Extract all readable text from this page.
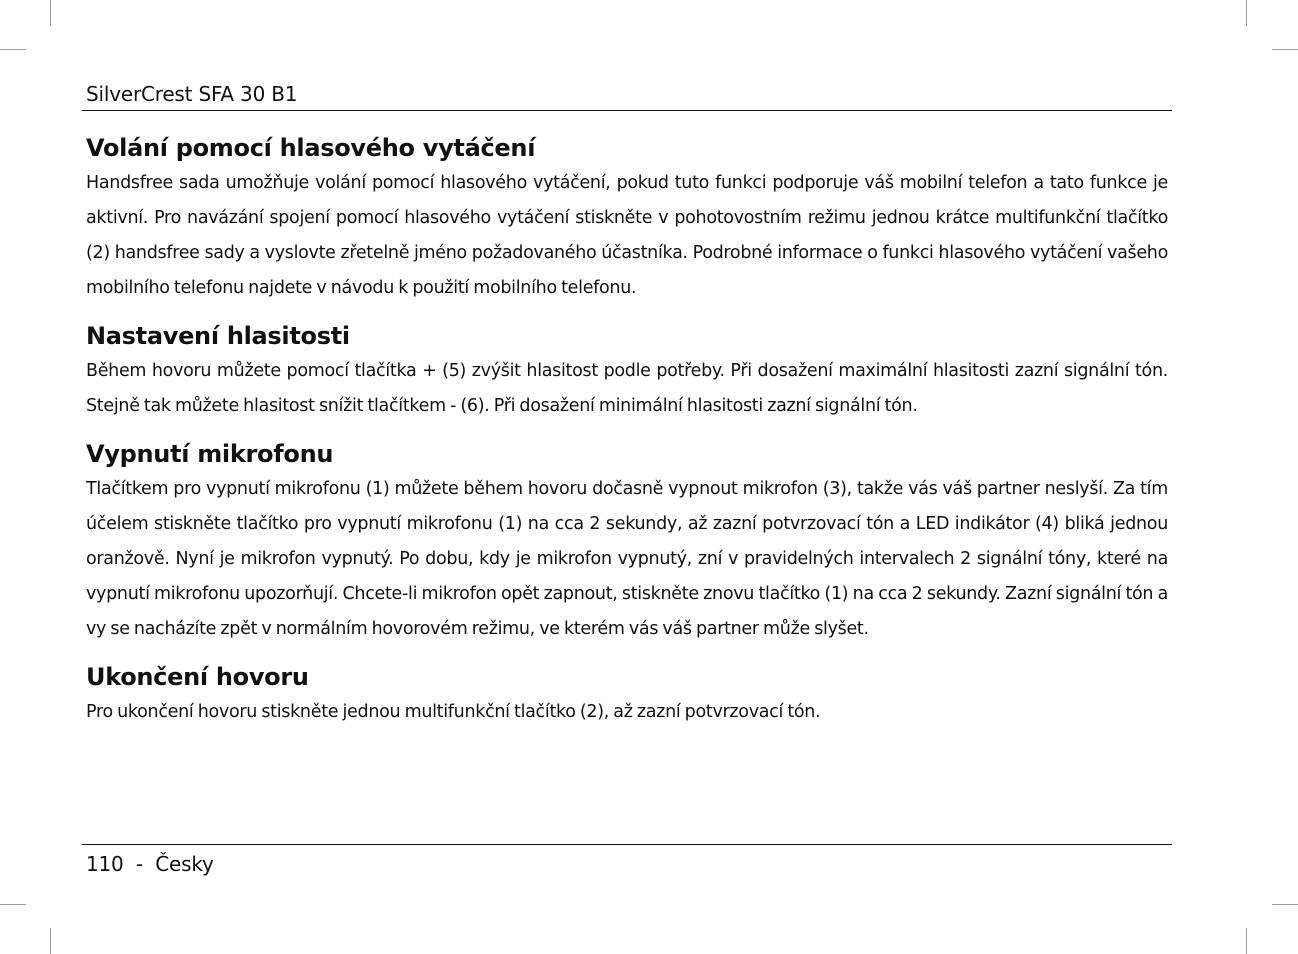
SilverCrest SFA 30 B1
Volání pomocí hlasového vytáčení

Handsfree sada umožňuje volání pomocí hlasového vytáčení, pokud tuto funkci podporuje váš mobilní telefon a tato funkce je aktivní. Pro navázání spojení pomocí hlasového vytáčení stiskněte v pohotovostním režimu jednou krátce multifunkční tlačítko (2) handsfree sady a vyslovte zřetelně jméno požadovaného účastníka. Podrobné informace o funkci hlasového vytáčení vašeho mobilního telefonu najdete v návodu k použití mobilního telefonu.

Nastavení hlasitosti

Během hovoru můžete pomocí tlačítka + (5) zvýšit hlasitost podle potřeby. Při dosažení maximální hlasitosti zazní signální tón. Stejně tak můžete hlasitost snížit tlačítkem - (6). Při dosažení minimální hlasitosti zazní signální tón.

Vypnutí mikrofonu

Tlačítkem pro vypnutí mikrofonu (1) můžete během hovoru dočasně vypnout mikrofon (3), takže vás váš partner neslyší. Za tím účelem stiskněte tlačítko pro vypnutí mikrofonu (1) na cca 2 sekundy, až zazní potvrzovací tón a LED indikátor (4) bliká jednou oranžově. Nyní je mikrofon vypnutý. Po dobu, kdy je mikrofon vypnutý, zní v pravidelných intervalech 2 signální tóny, které na vypnutí mikrofonu upozorňují. Chcete-li mikrofon opět zapnout, stiskněte znovu tlačítko (1) na cca 2 sekundy. Zazní signální tón a vy se nacházíte zpět v normálním hovorovém režimu, ve kterém vás váš partner může slyšet.

Ukončení hovoru

Pro ukončení hovoru stiskněte jednou multifunkční tlačítko (2), až zazní potvrzovací tón.

110 - Česky
